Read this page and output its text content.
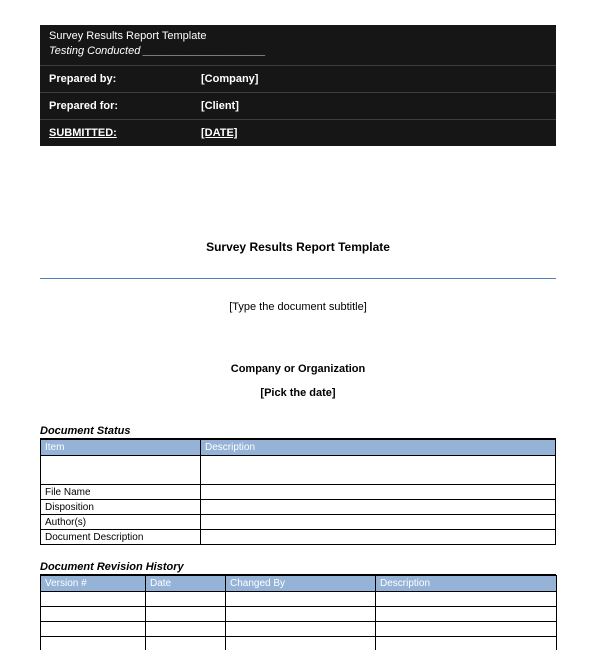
Survey Results Report Template
Testing Conducted ____________________
Prepared by:	[Company]
Prepared for:	[Client]
SUBMITTED:	[DATE]
Survey Results Report Template
[Type the document subtitle]
Company or Organization
[Pick the date]
Document Status
Item	Description

File Name	
Disposition	
Author(s)	
Document Description	
Document Revision History
Version #	Date	Changed By	Description
